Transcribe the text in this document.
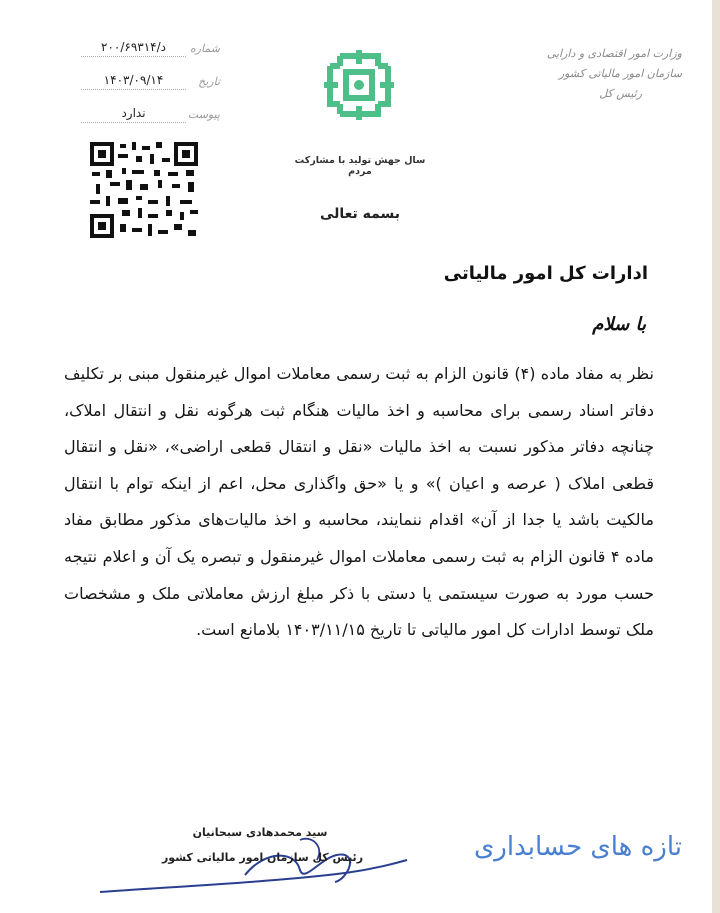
وزارت امور اقتصادی و دارایی
سازمان امور مالیاتی کشور
رئیس کل
سال جهش تولید با مشارکت مردم
شماره
د/۲۰۰/۶۹۳۱۴
تاریخ
۱۴۰۳/۰۹/۱۴
پیوست
ندارد
بسمه تعالی
ادارات کل امور مالیاتی
با سلام
نظر به مفاد ماده (۴) قانون الزام به ثبت رسمی معاملات اموال غیرمنقول مبنی بر تکلیف دفاتر اسناد رسمی برای محاسبه و اخذ مالیات هنگام ثبت هرگونه نقل و انتقال املاک، چنانچه دفاتر مذکور نسبت به اخذ مالیات «نقل و انتقال قطعی اراضی»، «نقل و انتقال قطعی املاک ( عرصه و اعیان )» و یا «حق واگذاری محل، اعم از اینکه توام با انتقال مالکیت باشد یا جدا از آن» اقدام ننمایند، محاسبه و اخذ مالیات‌های مذکور مطابق مفاد ماده ۴ قانون الزام به ثبت رسمی معاملات اموال غیرمنقول و تبصره یک آن و اعلام نتیجه حسب مورد به صورت سیستمی یا دستی با ذکر مبلغ ارزش معاملاتی ملک و مشخصات ملک توسط ادارات کل امور مالیاتی تا تاریخ ۱۴۰۳/۱۱/۱۵ بلامانع است.
سید محمدهادی سبحانیان
رئیس کل سازمان امور مالیاتی کشور	تازه های حسابداری
